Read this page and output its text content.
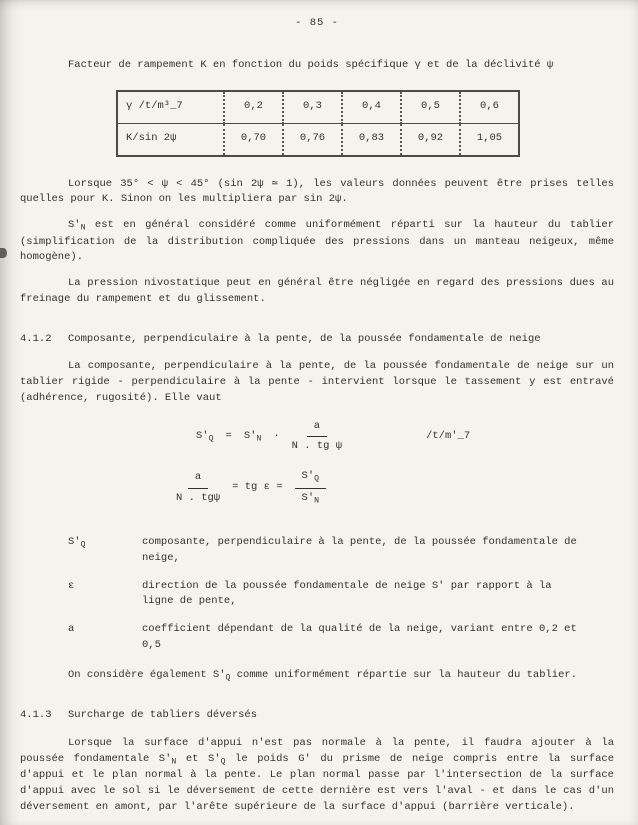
- 85 -
Facteur de rampement K en fonction du poids spécifique γ et de la déclivité ψ
γ /t/m³_7	0,2	0,3	0,4	0,5	0,6
K/sin 2ψ	0,70	0,76	0,83	0,92	1,05

Lorsque 35° < ψ < 45° (sin 2ψ ≃ 1), les valeurs données peuvent être prises telles quelles pour K. Sinon on les multipliera par sin 2ψ.

$S'_N$ est en général considéré comme uniformément réparti sur la hauteur du tablier (simplification de la distribution compliquée des pressions dans un manteau neigeux, même homogène).

La pression nivostatique peut en général être négligée en regard des pressions dues au freinage du rampement et du glissement.

4.1.2	Composante, perpendiculaire à la pente, de la poussée fondamentale de neige

La composante, perpendiculaire à la pente, de la poussée fondamentale de neige sur un tablier rigide - perpendiculaire à la pente - intervient lorsque le tassement y est entravé (adhérence, rugosité). Elle vaut

$S'_Q = S'_N \cdot \frac{a}{\text{N . tg ψ}}$	/t/m'_7
$\frac{a}{\text{N . tgψ}}$ = tg $\varepsilon = \frac{S'_Q}{S'_N}$
$S'_Q$	composante, perpendiculaire à la pente, de la poussée fondamentale de neige,
ε	direction de la poussée fondamentale de neige S' par rapport à la ligne de pente,
a	coefficient dépendant de la qualité de la neige, variant entre 0,2 et 0,5

On considère également $S'_Q$ comme uniformément répartie sur la hauteur du tablier.

4.1.3	Surcharge de tabliers déversés

Lorsque la surface d'appui n'est pas normale à la pente, il faudra ajouter à la poussée fondamentale $S'_N$ et $S'_Q$ le poids G' du prisme de neige compris entre la surface d'appui et le plan normal à la pente. Le plan normal passe par l'intersection de la surface d'appui avec le sol si le déversement de cette dernière est vers l'aval - et dans le cas d'un déversement en amont, par l'arête supérieure de la surface d'appui (barrière verticale).
